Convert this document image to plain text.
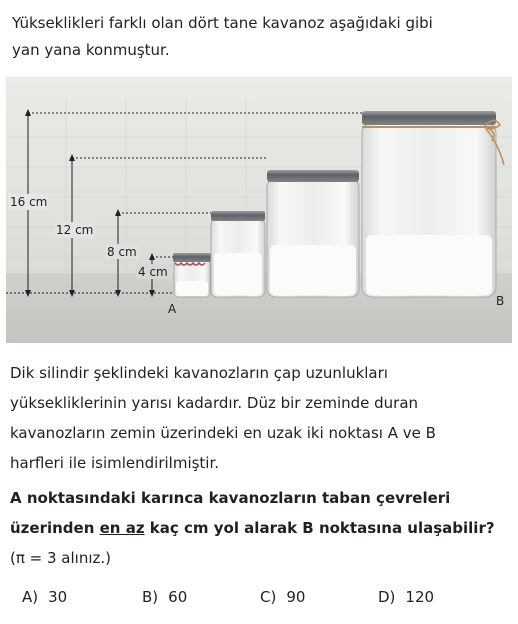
Yükseklikleri farklı olan dört tane kavanoz aşağıdaki gibi
yan yana konmuştur.

16 cm
12 cm
8 cm
4 cm
A
B

Dik silindir şeklindeki kavanozların çap uzunlukları
yüksekliklerinin yarısı kadardır. Düz bir zeminde duran
kavanozların zemin üzerindeki en uzak iki noktası A ve B
harfleri ile isimlendirilmiştir.

A noktasındaki karınca kavanozların taban çevreleri
üzerinden en az kaç cm yol alarak B noktasına ulaşabilir?
(π = 3 alınız.)

A) 30	B) 60	C) 90	D) 120
